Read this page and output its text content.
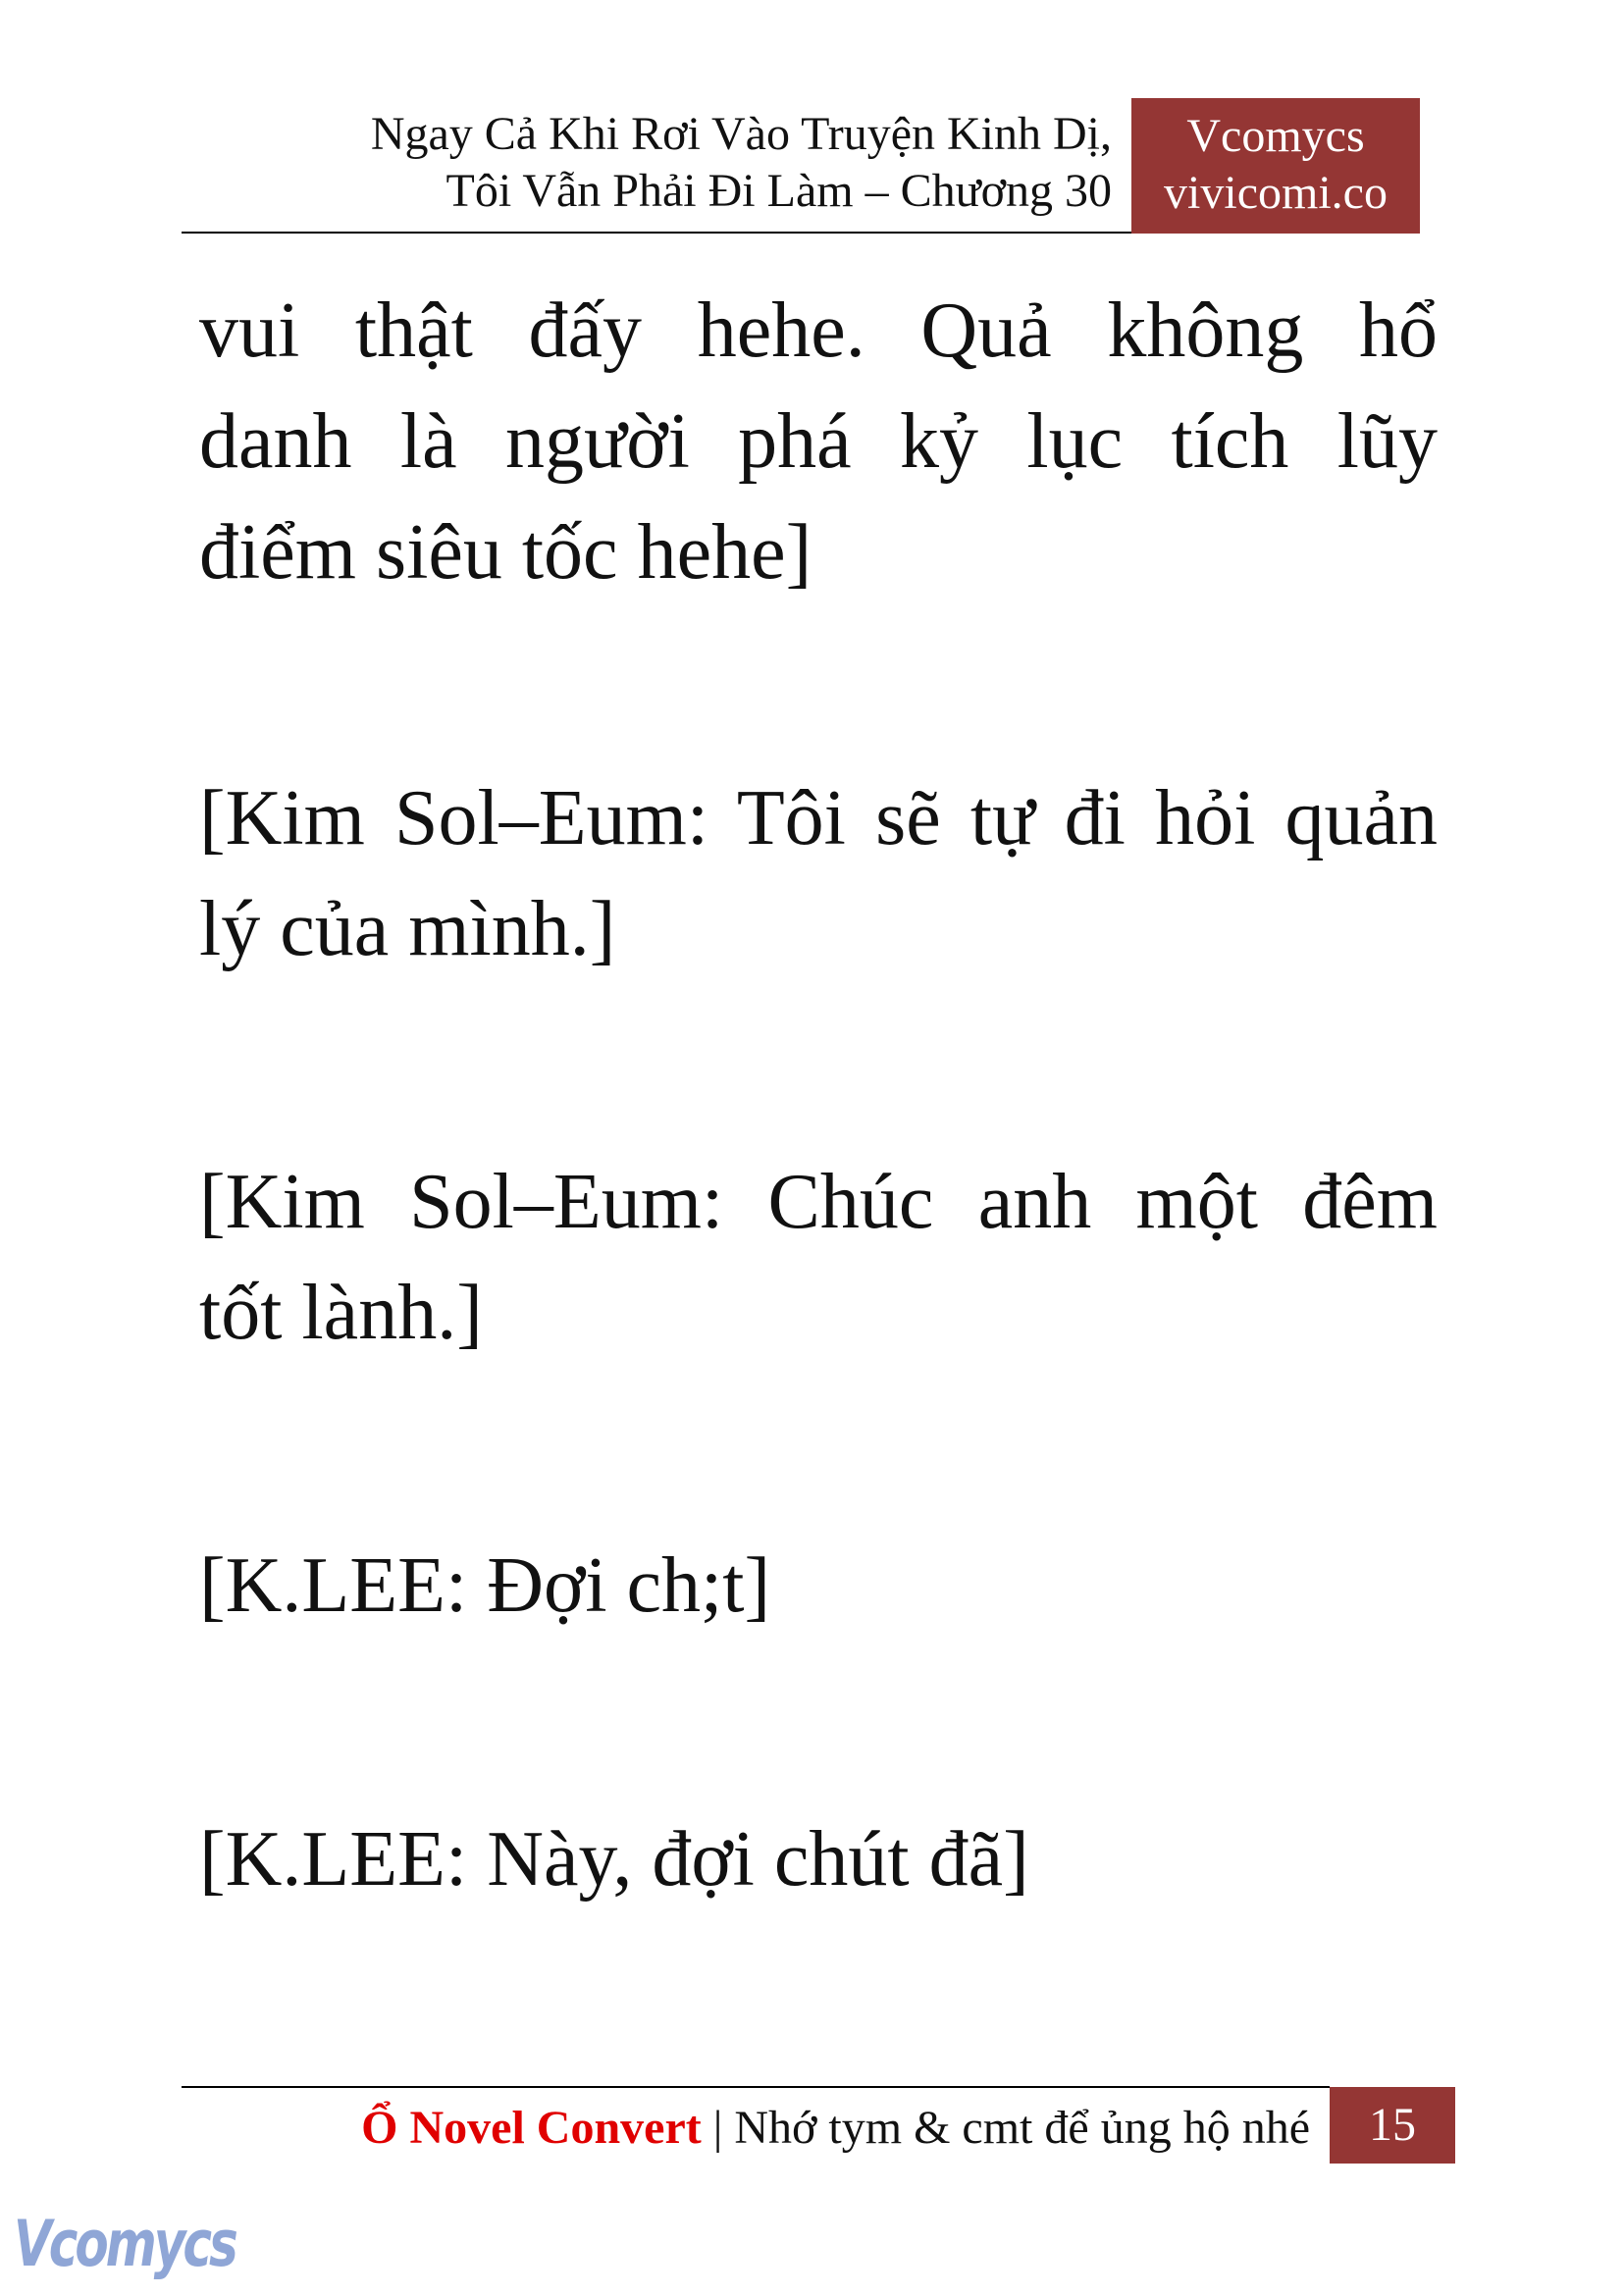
Ngay Cả Khi Rơi Vào Truyện Kinh Dị,
Tôi Vẫn Phải Đi Làm – Chương 30
Vcomycs
vivicomi.co
vui thật đấy hehe. Quả không hổ
danh là người phá kỷ lục tích lũy
điểm siêu tốc hehe]
[Kim Sol–Eum: Tôi sẽ tự đi hỏi quản
lý của mình.]
[Kim Sol–Eum: Chúc anh một đêm
tốt lành.]
[K.LEE: Đợi ch;t]
[K.LEE: Này, đợi chút đã]
Ổ Novel Convert | Nhớ tym & cmt để ủng hộ nhé	15
Vcomycs
